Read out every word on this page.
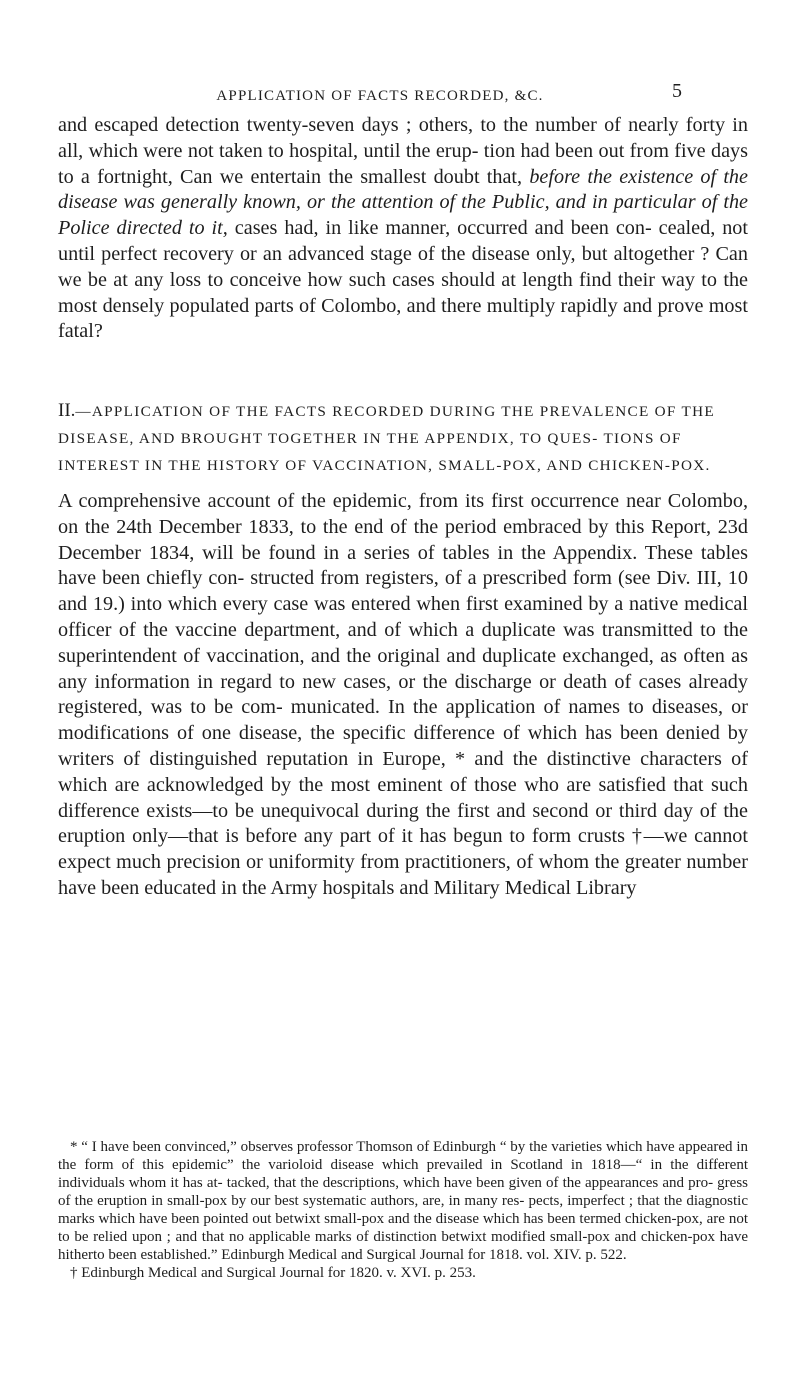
APPLICATION OF FACTS RECORDED, &C.	5

and escaped detection twenty-seven days ; others, to the number of nearly forty in all, which were not taken to hospital, until the erup- tion had been out from five days to a fortnight, Can we entertain the smallest doubt that, before the existence of the disease was generally known, or the attention of the Public, and in particular of the Police directed to it, cases had, in like manner, occurred and been con- cealed, not until perfect recovery or an advanced stage of the disease only, but altogether ? Can we be at any loss to conceive how such cases should at length find their way to the most densely populated parts of Colombo, and there multiply rapidly and prove most fatal?

II.—APPLICATION OF THE FACTS RECORDED DURING THE PREVALENCE OF THE DISEASE, AND BROUGHT TOGETHER IN THE APPENDIX, TO QUES- TIONS OF INTEREST IN THE HISTORY OF VACCINATION, SMALL-POX, AND CHICKEN-POX.

A comprehensive account of the epidemic, from its first occurrence near Colombo, on the 24th December 1833, to the end of the period embraced by this Report, 23d December 1834, will be found in a series of tables in the Appendix. These tables have been chiefly con- structed from registers, of a prescribed form (see Div. III, 10 and 19.) into which every case was entered when first examined by a native medical officer of the vaccine department, and of which a duplicate was transmitted to the superintendent of vaccination, and the original and duplicate exchanged, as often as any information in regard to new cases, or the discharge or death of cases already registered, was to be com- municated. In the application of names to diseases, or modifications of one disease, the specific difference of which has been denied by writers of distinguished reputation in Europe, * and the distinctive characters of which are acknowledged by the most eminent of those who are satisfied that such difference exists—to be unequivocal during the first and second or third day of the eruption only—that is before any part of it has begun to form crusts †—we cannot expect much precision or uniformity from practitioners, of whom the greater number have been educated in the Army hospitals and Military Medical Library

* “ I have been convinced,” observes professor Thomson of Edinburgh “ by the varieties which have appeared in the form of this epidemic” the varioloid disease which prevailed in Scotland in 1818—“ in the different individuals whom it has at- tacked, that the descriptions, which have been given of the appearances and pro- gress of the eruption in small-pox by our best systematic authors, are, in many res- pects, imperfect ; that the diagnostic marks which have been pointed out betwixt small-pox and the disease which has been termed chicken-pox, are not to be relied upon ; and that no applicable marks of distinction betwixt modified small-pox and chicken-pox have hitherto been established.” Edinburgh Medical and Surgical Journal for 1818. vol. XIV. p. 522.

† Edinburgh Medical and Surgical Journal for 1820. v. XVI. p. 253.
